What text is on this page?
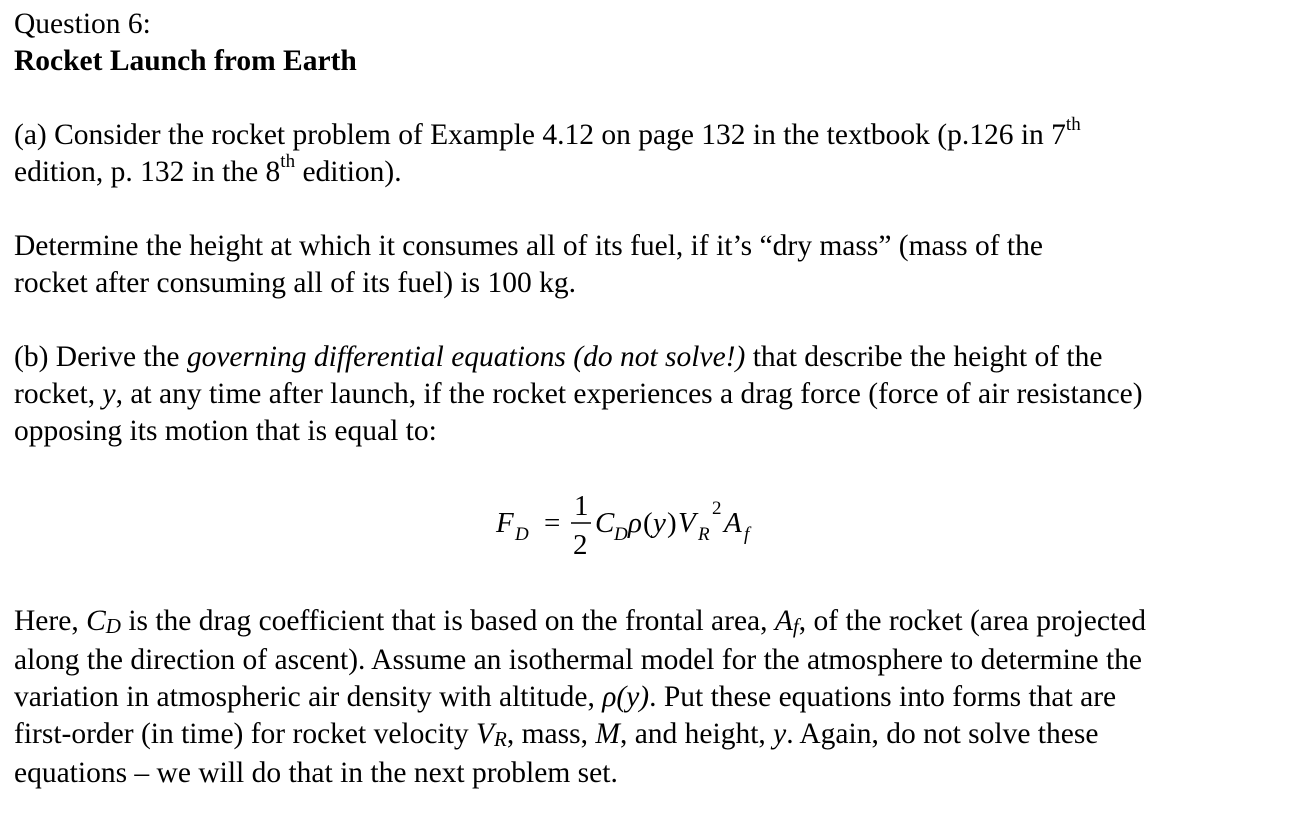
Question 6:
Rocket Launch from Earth
(a) Consider the rocket problem of Example 4.12 on page 132 in the textbook (p.126 in 7th
edition, p. 132 in the 8th edition).
Determine the height at which it consumes all of its fuel, if it’s “dry mass” (mass of the
rocket after consuming all of its fuel) is 100 kg.
(b) Derive the governing differential equations (do not solve!) that describe the height of the
rocket, y, at any time after launch, if the rocket experiences a drag force (force of air resistance)
opposing its motion that is equal to:
Here, CD is the drag coefficient that is based on the frontal area, Af, of the rocket (area projected
along the direction of ascent). Assume an isothermal model for the atmosphere to determine the
variation in atmospheric air density with altitude, ρ(y). Put these equations into forms that are
first-order (in time) for rocket velocity VR, mass, M, and height, y. Again, do not solve these
equations – we will do that in the next problem set.
F D =
1
2
C D ρ ( y ) V R
2 A f
